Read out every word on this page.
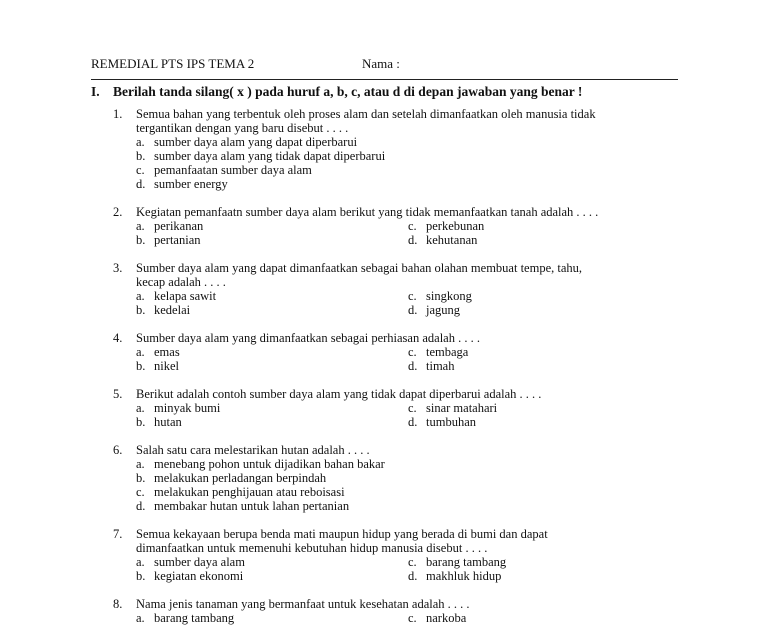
REMEDIAL PTS IPS TEMA 2	Nama :
I. Berilah tanda silang( x ) pada huruf a, b, c, atau d di depan jawaban yang benar !
1. Semua bahan yang terbentuk oleh proses alam dan setelah dimanfaatkan oleh manusia tidak
tergantikan dengan yang baru disebut . . . .
a. sumber daya alam yang dapat diperbarui
b. sumber daya alam yang tidak dapat diperbarui
c. pemanfaatan sumber daya alam
d. sumber energy
2. Kegiatan pemanfaatn sumber daya alam berikut yang tidak memanfaatkan tanah adalah . . . .
a. perikanan
b. pertanian
c. perkebunan
d. kehutanan
3. Sumber daya alam yang dapat dimanfaatkan sebagai bahan olahan membuat tempe, tahu,
kecap adalah . . . .
a. kelapa sawit
b. kedelai
c. singkong
d. jagung
4. Sumber daya alam yang dimanfaatkan sebagai perhiasan adalah . . . .
a. emas
b. nikel
c. tembaga
d. timah
5. Berikut adalah contoh sumber daya alam yang tidak dapat diperbarui adalah . . . .
a. minyak bumi
b. hutan
c. sinar matahari
d. tumbuhan
6. Salah satu cara melestarikan hutan adalah . . . .
a. menebang pohon untuk dijadikan bahan bakar
b. melakukan perladangan berpindah
c. melakukan penghijauan atau reboisasi
d. membakar hutan untuk lahan pertanian
7. Semua kekayaan berupa benda mati maupun hidup yang berada di bumi dan dapat
dimanfaatkan untuk memenuhi kebutuhan hidup manusia disebut . . . .
a. sumber daya alam
b. kegiatan ekonomi
c. barang tambang
d. makhluk hidup
8. Nama jenis tanaman yang bermanfaat untuk kesehatan adalah . . . .
a. barang tambang	c. narkoba
